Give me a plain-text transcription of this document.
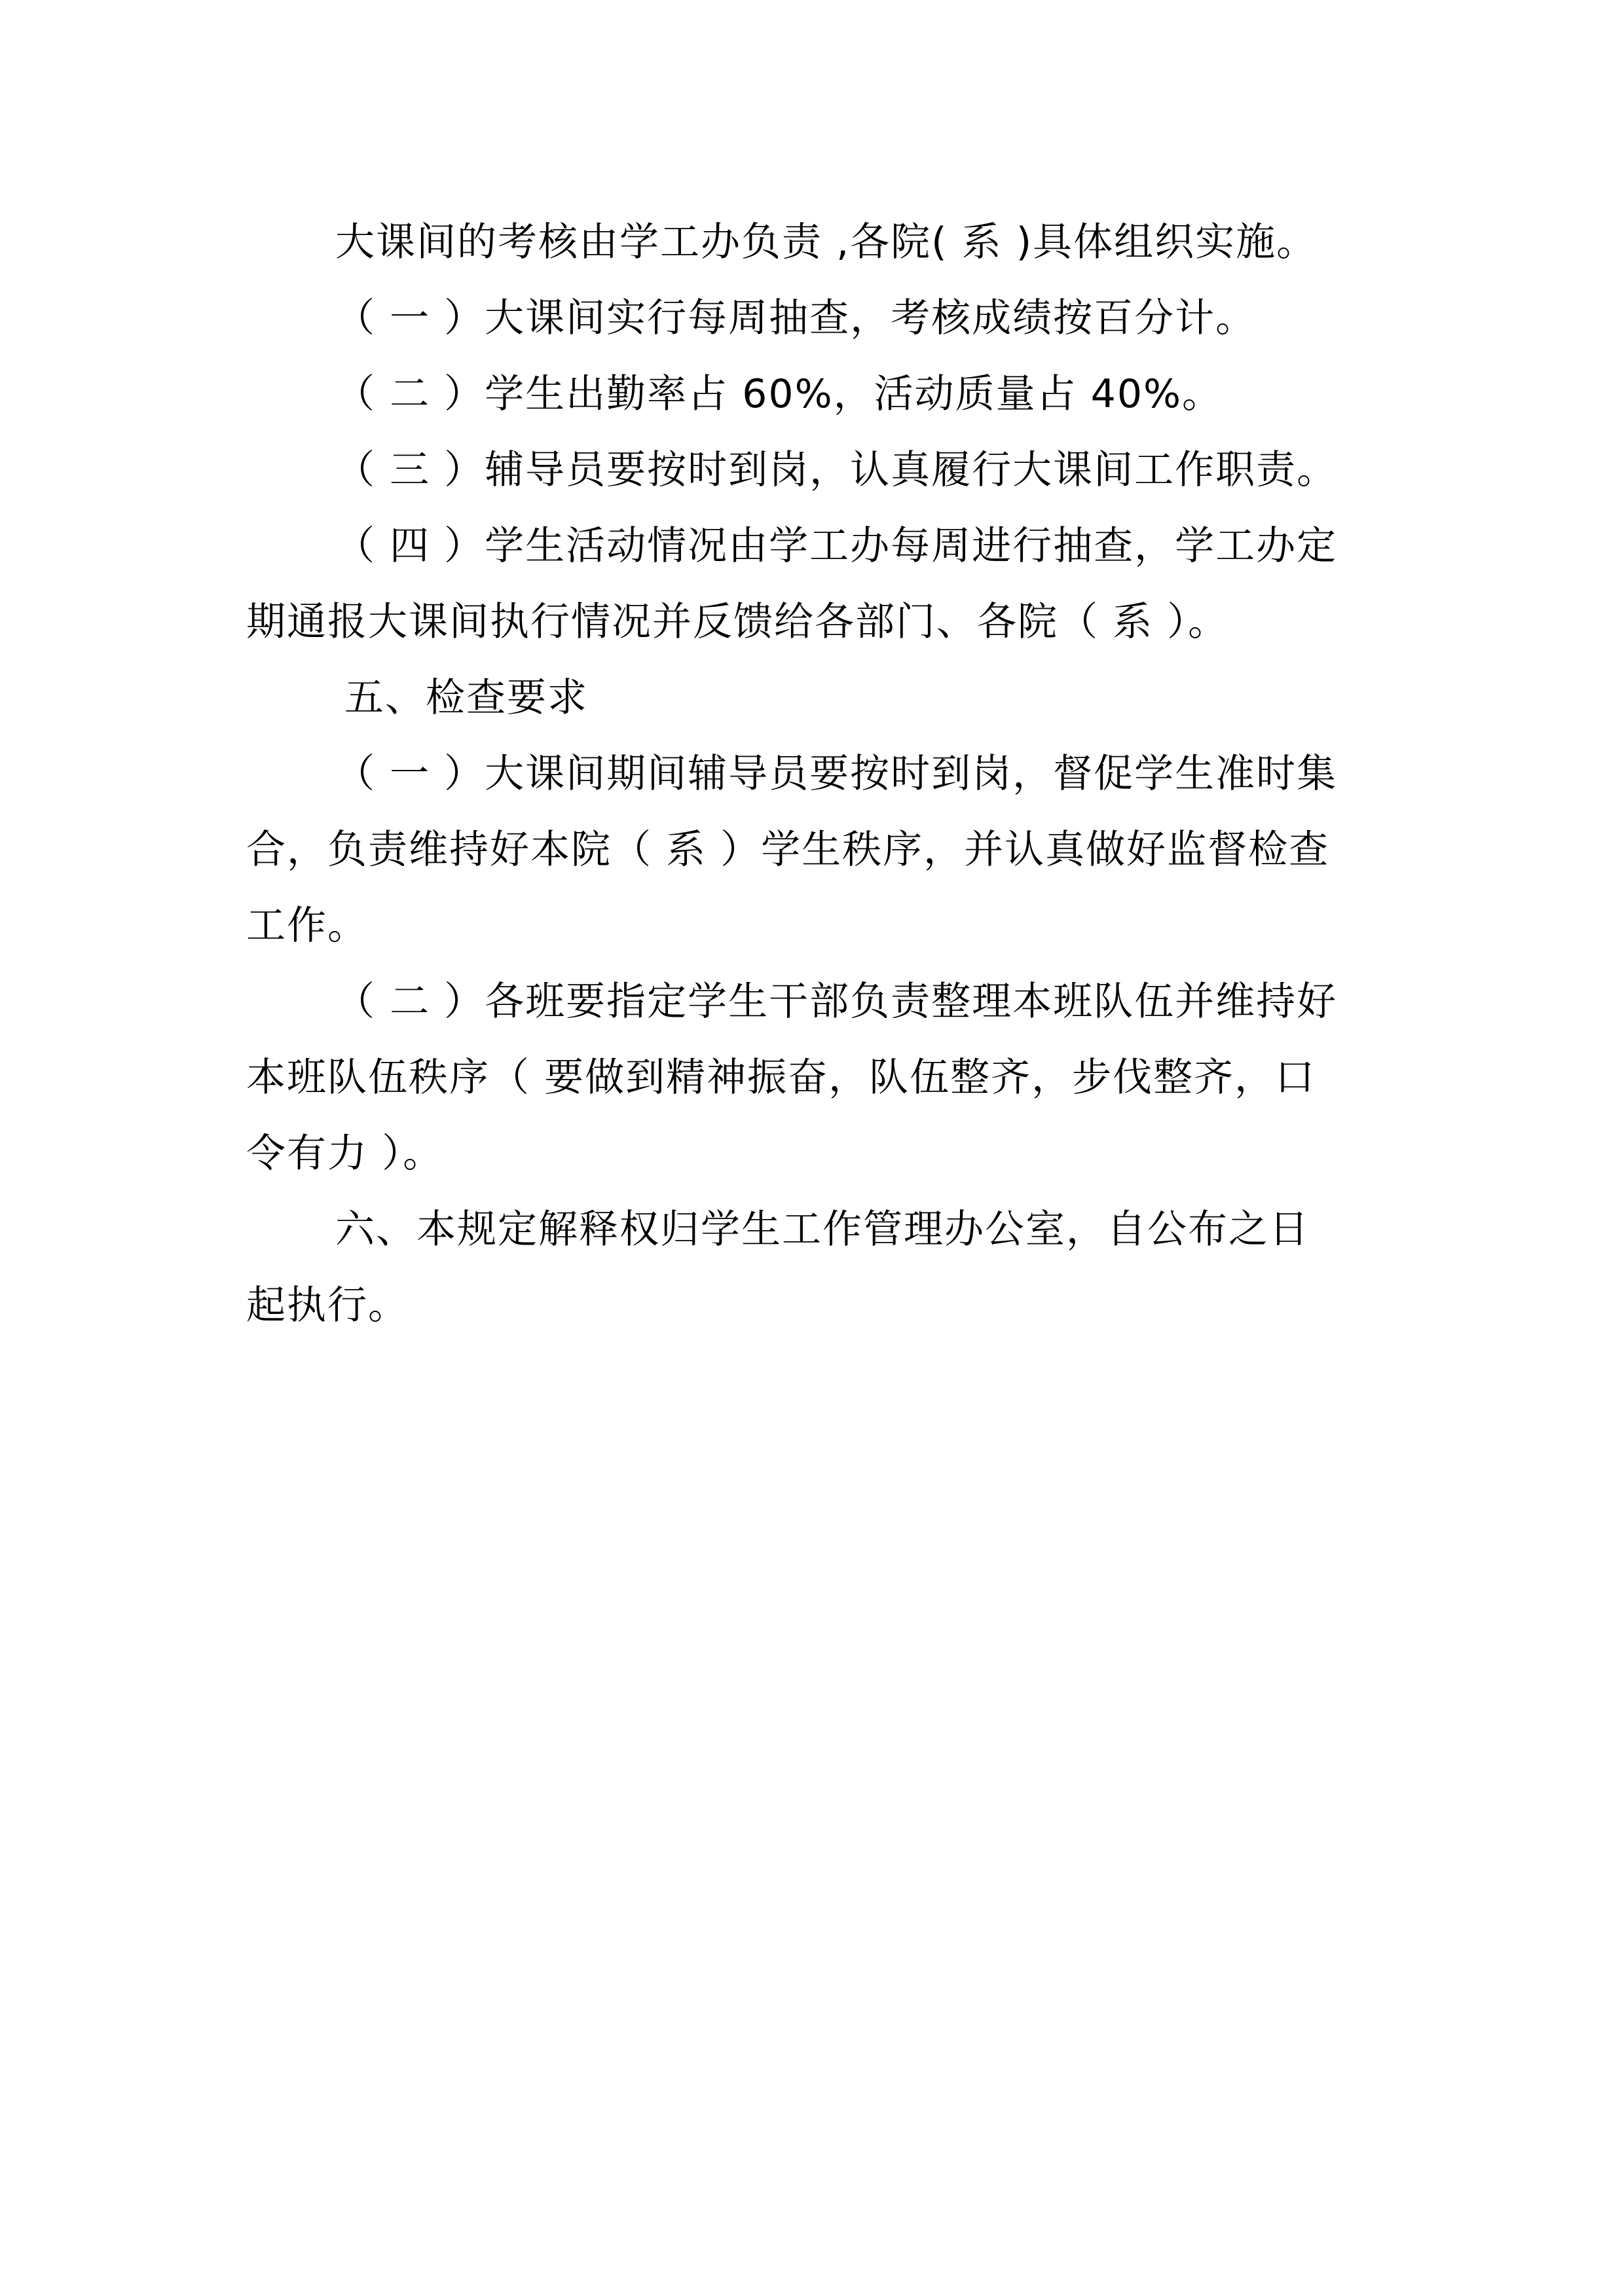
大课间的考核由学工办负责 ,各院( 系 )具体组织实施。

（ 一 ）大课间实行每周抽查，考核成绩按百分计。

（ 二 ）学生出勤率占 60%，活动质量占 40%。

（ 三 ）辅导员要按时到岗，认真履行大课间工作职责。

（ 四 ）学生活动情况由学工办每周进行抽查，学工办定
期通报大课间执行情况并反馈给各部门、各院（ 系 ）。

五、检查要求

（ 一 ）大课间期间辅导员要按时到岗，督促学生准时集
合，负责维持好本院（ 系 ）学生秩序，并认真做好监督检查
工作。

（ 二 ）各班要指定学生干部负责整理本班队伍并维持好
本班队伍秩序（ 要做到精神振奋，队伍整齐，步伐整齐，口
令有力 ）。

六、本规定解释权归学生工作管理办公室，自公布之日
起执行。
